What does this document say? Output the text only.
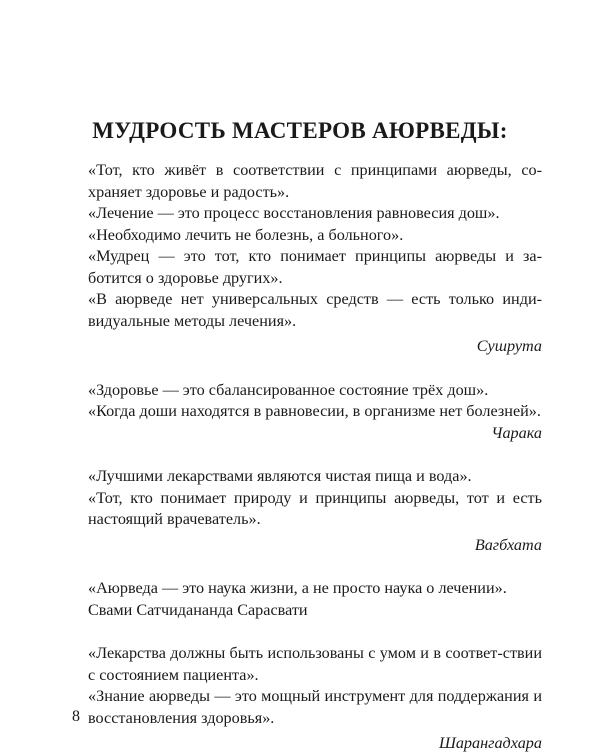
МУДРОСТЬ МАСТЕРОВ АЮРВЕДЫ:

«Тот, кто живёт в соответствии с принципами аюрведы, со-храняет здоровье и радость».

«Лечение — это процесс восстановления равновесия дош».

«Необходимо лечить не болезнь, а больного».

«Мудрец — это тот, кто понимает принципы аюрведы и за-ботится о здоровье других».

«В аюрведе нет универсальных средств — есть только инди-видуальные методы лечения».

Сушрута

«Здоровье — это сбалансированное состояние трёх дош».

«Когда доши находятся в равновесии, в организме нет болезней».

Чарака

«Лучшими лекарствами являются чистая пища и вода».

«Тот, кто понимает природу и принципы аюрведы, тот и есть настоящий врачеватель».

Вагбхата

«Аюрведа — это наука жизни, а не просто наука о лечении».

Свами Сатчидананда Сарасвати

«Лекарства должны быть использованы с умом и в соответ-ствии с состоянием пациента».

«Знание аюрведы — это мощный инструмент для поддержания и восстановления здоровья».

Шарангадхара
8
